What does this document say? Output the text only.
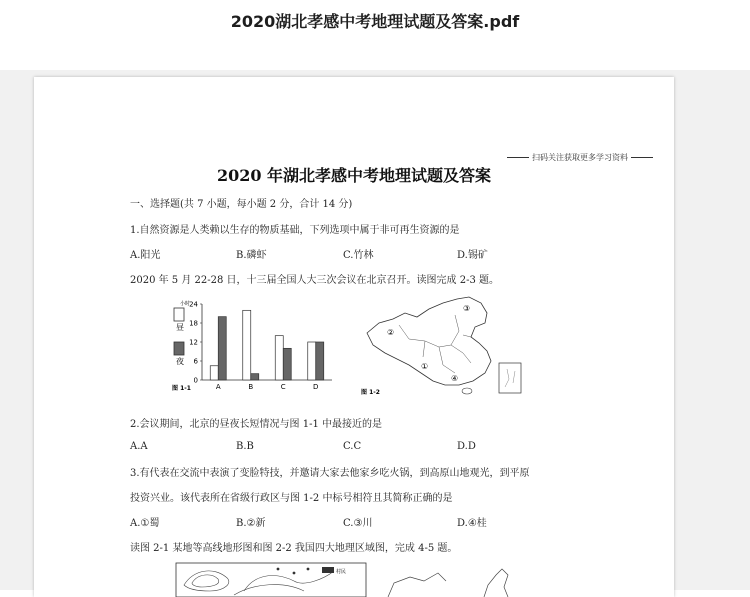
2020湖北孝感中考地理试题及答案.pdf
扫码关注获取更多学习资料
2020 年湖北孝感中考地理试题及答案
一、选择题(共 7 小题，每小题 2 分，合计 14 分)
1.自然资源是人类赖以生存的物质基础，下列选项中属于非可再生资源的是
A.阳光	B.磷虾	C.竹林	D.锡矿
2020 年 5 月 22-28 日，十三届全国人大三次会议在北京召开。读图完成 2-3 题。
小时
0
6
12
18
24
A	B	C	D
昼
夜
图 1-1
③
②
①
④
图 1-2
2.会议期间，北京的昼夜长短情况与图 1-1 中最接近的是
A.A	B.B	C.C	D.D
3.有代表在交流中表演了变脸特技，并邀请大家去他家乡吃火锅，到高原山地观光，到平原
投资兴业。该代表所在省级行政区与图 1-2 中标号相符且其简称正确的是
A.①蜀	B.②新	C.③川	D.④桂
读图 2-1 某地等高线地形图和图 2-2 我国四大地理区域图，完成 4-5 题。
村民
